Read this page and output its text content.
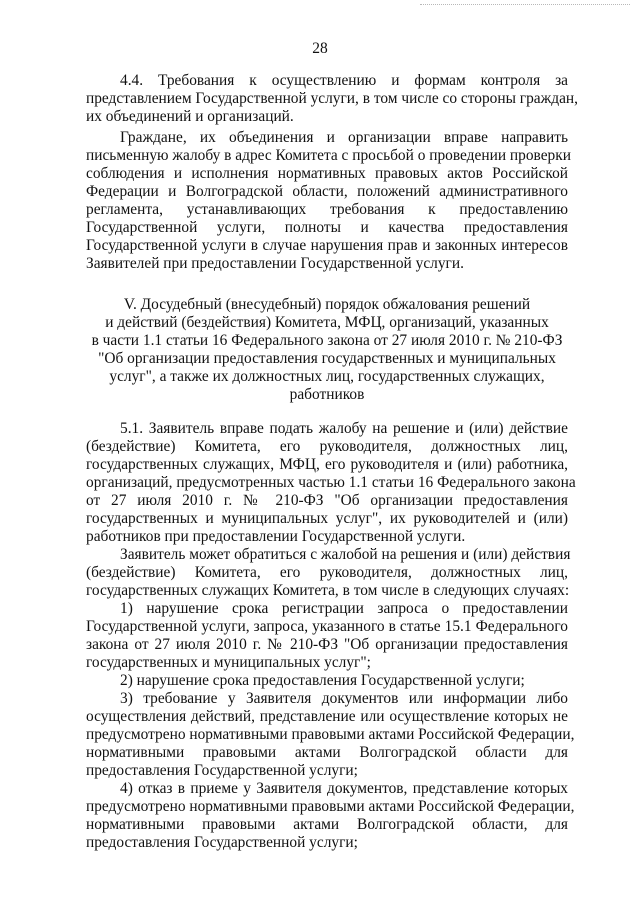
28
4.4. Требования к осуществлению и формам контроля за
представлением Государственной услуги, в том числе со стороны граждан,
их объединений и организаций.
Граждане, их объединения и организации вправе направить
письменную жалобу в адрес Комитета с просьбой о проведении проверки
соблюдения и исполнения нормативных правовых актов Российской
Федерации и Волгоградской области, положений административного
регламента, устанавливающих требования к предоставлению
Государственной услуги, полноты и качества предоставления
Государственной услуги в случае нарушения прав и законных интересов
Заявителей при предоставлении Государственной услуги.
V. Досудебный (внесудебный) порядок обжалования решений
и действий (бездействия) Комитета, МФЦ, организаций, указанных
в части 1.1 статьи 16 Федерального закона от 27 июля 2010 г. № 210-ФЗ
"Об организации предоставления государственных и муниципальных
услуг", а также их должностных лиц, государственных служащих,
работников
5.1. Заявитель вправе подать жалобу на решение и (или) действие
(бездействие) Комитета, его руководителя, должностных лиц,
государственных служащих, МФЦ, его руководителя и (или) работника,
организаций, предусмотренных частью 1.1 статьи 16 Федерального закона
от 27 июля 2010 г. № 210-ФЗ "Об организации предоставления
государственных и муниципальных услуг", их руководителей и (или)
работников при предоставлении Государственной услуги.
Заявитель может обратиться с жалобой на решения и (или) действия
(бездействие) Комитета, его руководителя, должностных лиц,
государственных служащих Комитета, в том числе в следующих случаях:
1) нарушение срока регистрации запроса о предоставлении
Государственной услуги, запроса, указанного в статье 15.1 Федерального
закона от 27 июля 2010 г. № 210-ФЗ "Об организации предоставления
государственных и муниципальных услуг";
2) нарушение срока предоставления Государственной услуги;
3) требование у Заявителя документов или информации либо
осуществления действий, представление или осуществление которых не
предусмотрено нормативными правовыми актами Российской Федерации,
нормативными правовыми актами Волгоградской области для
предоставления Государственной услуги;
4) отказ в приеме у Заявителя документов, представление которых
предусмотрено нормативными правовыми актами Российской Федерации,
нормативными правовыми актами Волгоградской области, для
предоставления Государственной услуги;
